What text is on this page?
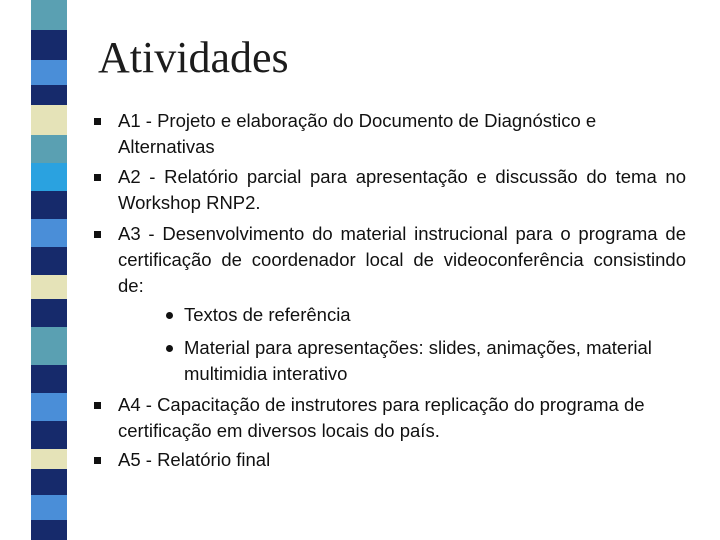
Atividades
A1 - Projeto e elaboração do Documento de Diagnóstico e Alternativas
A2 - Relatório parcial para apresentação e discussão do tema no Workshop RNP2.
A3 - Desenvolvimento do material instrucional para o programa de certificação de coordenador local de videoconferência consistindo de:
Textos de referência
Material para apresentações: slides, animações, material multimidia interativo
A4 - Capacitação de instrutores para replicação do programa de certificação em diversos locais do país.
A5 - Relatório final
